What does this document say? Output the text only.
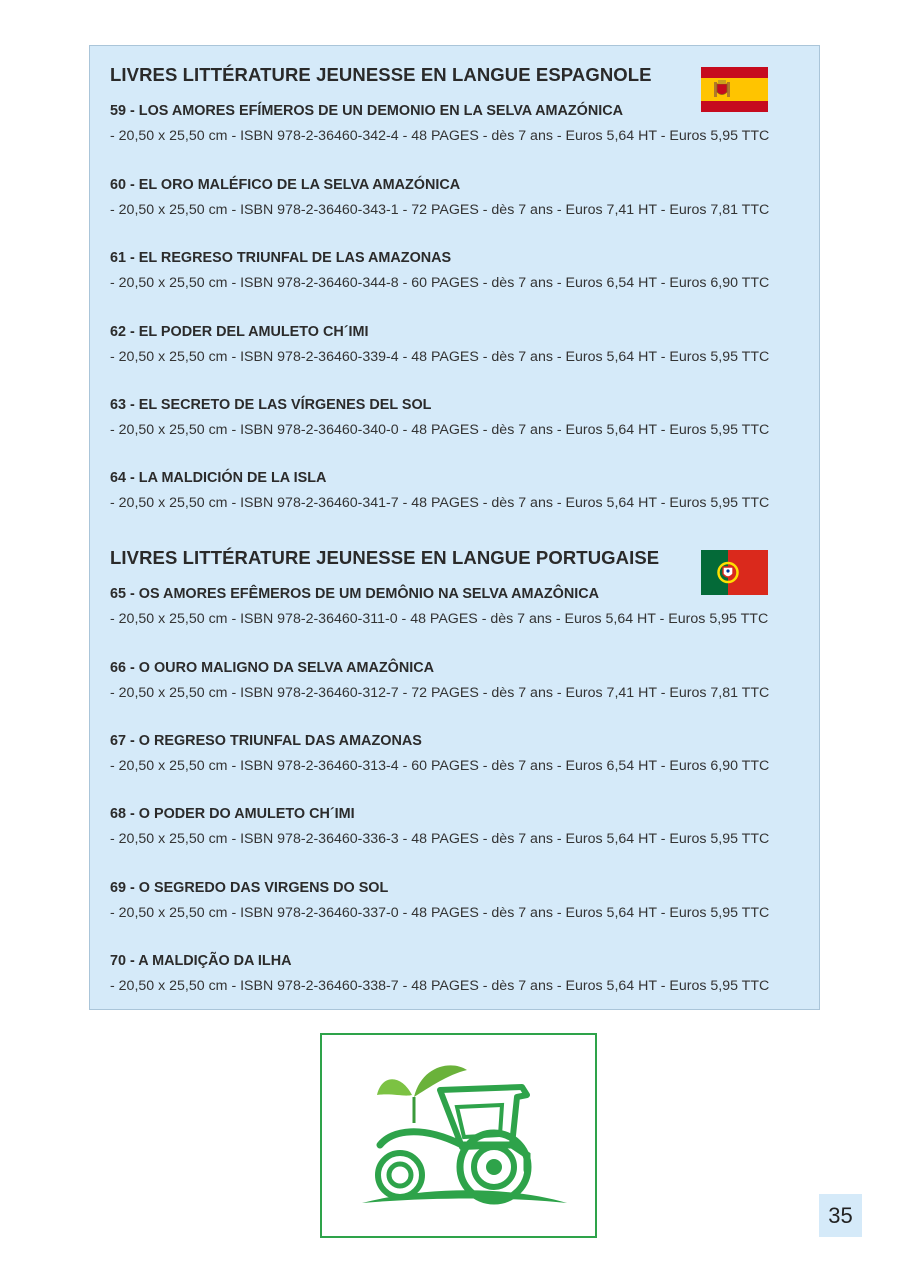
LIVRES LITTÉRATURE JEUNESSE EN LANGUE ESPAGNOLE
59 - LOS AMORES EFÍMEROS DE UN DEMONIO EN LA SELVA AMAZÓNICA
- 20,50 x 25,50 cm - ISBN 978-2-36460-342-4 - 48 PAGES - dès 7 ans - Euros 5,64 HT - Euros 5,95 TTC
60 - EL ORO MALÉFICO DE LA SELVA AMAZÓNICA
- 20,50 x 25,50 cm - ISBN 978-2-36460-343-1 - 72 PAGES - dès 7 ans - Euros 7,41 HT - Euros 7,81 TTC
61 - EL REGRESO TRIUNFAL DE LAS AMAZONAS
- 20,50 x 25,50 cm - ISBN 978-2-36460-344-8 - 60 PAGES - dès 7 ans - Euros 6,54 HT - Euros 6,90 TTC
62 - EL PODER DEL AMULETO CH´IMI
- 20,50 x 25,50 cm - ISBN 978-2-36460-339-4 - 48 PAGES - dès 7 ans - Euros 5,64 HT - Euros 5,95 TTC
63 - EL SECRETO DE LAS VÍRGENES DEL SOL
- 20,50 x 25,50 cm - ISBN 978-2-36460-340-0 - 48 PAGES - dès 7 ans - Euros 5,64 HT - Euros 5,95 TTC
64 - LA MALDICIÓN DE LA ISLA
- 20,50 x 25,50 cm - ISBN 978-2-36460-341-7 - 48 PAGES - dès 7 ans - Euros 5,64 HT - Euros 5,95 TTC
LIVRES LITTÉRATURE JEUNESSE EN LANGUE PORTUGAISE
65 - OS AMORES EFÊMEROS DE UM DEMÔNIO NA SELVA AMAZÔNICA
- 20,50 x 25,50 cm - ISBN 978-2-36460-311-0 - 48 PAGES - dès 7 ans - Euros 5,64 HT - Euros 5,95 TTC
66 - O OURO MALIGNO DA SELVA AMAZÔNICA
- 20,50 x 25,50 cm - ISBN 978-2-36460-312-7 - 72 PAGES - dès 7 ans - Euros 7,41 HT - Euros 7,81 TTC
67 - O REGRESO TRIUNFAL DAS AMAZONAS
- 20,50 x 25,50 cm - ISBN 978-2-36460-313-4 - 60 PAGES - dès 7 ans - Euros 6,54 HT - Euros 6,90 TTC
68 - O PODER DO AMULETO CH´IMI
- 20,50 x 25,50 cm - ISBN 978-2-36460-336-3 - 48 PAGES - dès 7 ans - Euros 5,64 HT - Euros 5,95 TTC
69 - O SEGREDO DAS VIRGENS DO SOL
- 20,50 x 25,50 cm - ISBN 978-2-36460-337-0 - 48 PAGES - dès 7 ans - Euros 5,64 HT - Euros 5,95 TTC
70 - A MALDIÇÃO DA ILHA
- 20,50 x 25,50 cm - ISBN 978-2-36460-338-7 - 48 PAGES - dès 7 ans - Euros 5,64 HT - Euros 5,95 TTC
35
